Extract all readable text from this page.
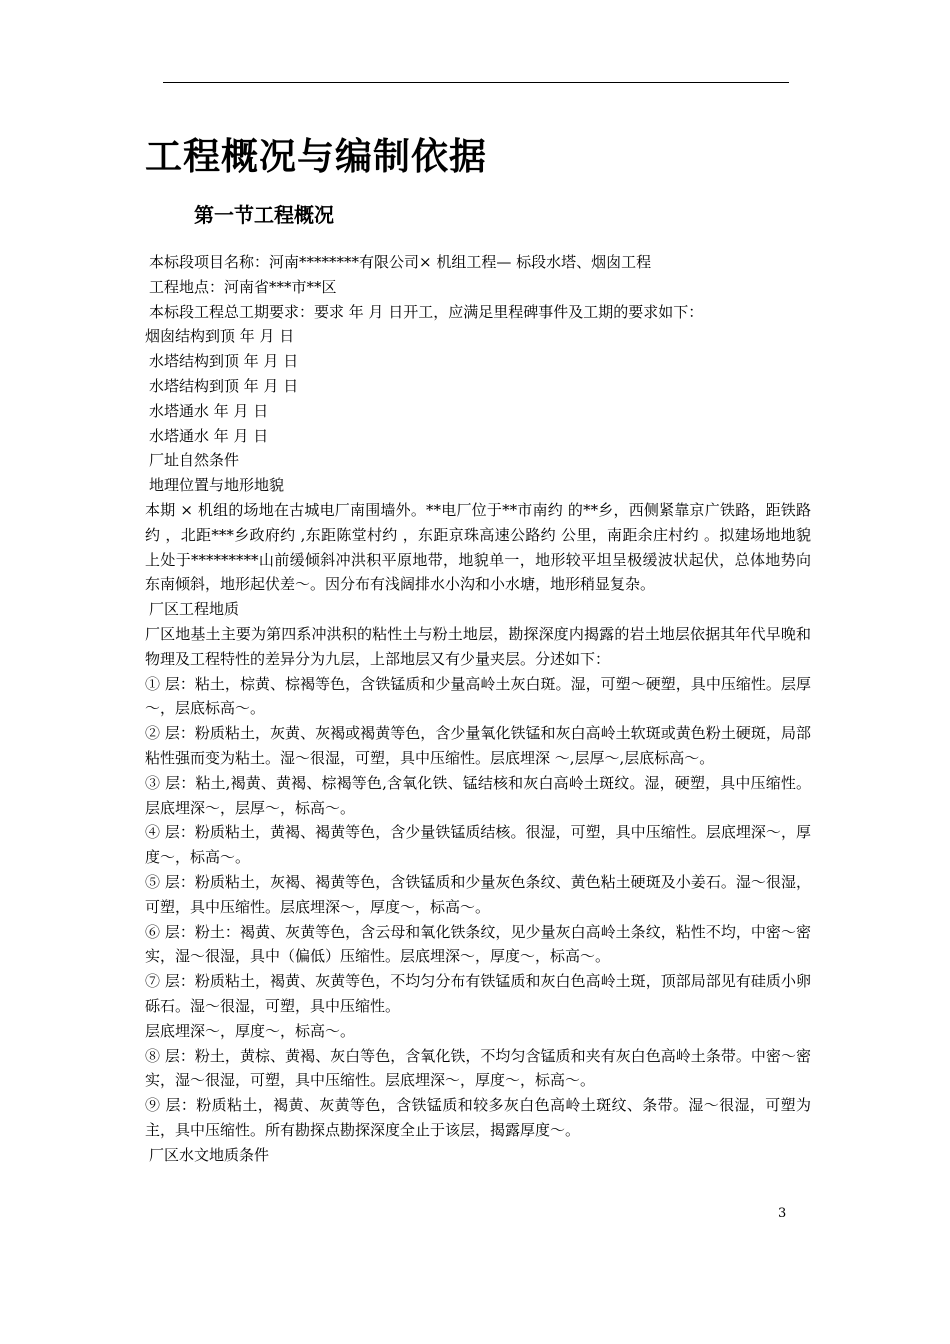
工程概况与编制依据
第一节工程概况

本标段项目名称：河南********有限公司× 机组工程— 标段水塔、烟囱工程

工程地点：河南省***市**区

本标段工程总工期要求：要求 年 月 日开工，应满足里程碑事件及工期的要求如下：

烟囱结构到顶 年 月 日

水塔结构到顶 年 月 日

水塔结构到顶 年 月 日

水塔通水 年 月 日

水塔通水 年 月 日

厂址自然条件

地理位置与地形地貌

本期 × 机组的场地在古城电厂南围墙外。**电厂位于**市南约 的**乡，西侧紧靠京广铁路，距铁路约 ，北距***乡政府约 ,东距陈堂村约 ，东距京珠高速公路约 公里，南距余庄村约 。拟建场地地貌上处于*********山前缓倾斜冲洪积平原地带，地貌单一，地形较平坦呈极缓波状起伏，总体地势向东南倾斜，地形起伏差～。因分布有浅阔排水小沟和小水塘，地形稍显复杂。

厂区工程地质

厂区地基土主要为第四系冲洪积的粘性土与粉土地层，勘探深度内揭露的岩土地层依据其年代早晚和物理及工程特性的差异分为九层，上部地层又有少量夹层。分述如下：

① 层：粘土，棕黄、棕褐等色，含铁锰质和少量高岭土灰白斑。湿，可塑～硬塑，具中压缩性。层厚～，层底标高～。

② 层：粉质粘土，灰黄、灰褐或褐黄等色，含少量氧化铁锰和灰白高岭土软斑或黄色粉土硬斑，局部粘性强而变为粘土。湿～很湿，可塑，具中压缩性。层底埋深 ～,层厚～,层底标高～。

③ 层：粘土,褐黄、黄褐、棕褐等色,含氧化铁、锰结核和灰白高岭土斑纹。湿，硬塑，具中压缩性。层底埋深～，层厚～，标高～。

④ 层：粉质粘土，黄褐、褐黄等色，含少量铁锰质结核。很湿，可塑，具中压缩性。层底埋深～，厚度～，标高～。

⑤ 层：粉质粘土，灰褐、褐黄等色，含铁锰质和少量灰色条纹、黄色粘土硬斑及小姜石。湿～很湿，可塑，具中压缩性。层底埋深～，厚度～，标高～。

⑥ 层：粉土：褐黄、灰黄等色，含云母和氧化铁条纹，见少量灰白高岭土条纹，粘性不均，中密～密实，湿～很湿，具中（偏低）压缩性。层底埋深～，厚度～，标高～。

⑦ 层：粉质粘土，褐黄、灰黄等色，不均匀分布有铁锰质和灰白色高岭土斑，顶部局部见有硅质小卵砾石。湿～很湿，可塑，具中压缩性。

层底埋深～，厚度～，标高～。

⑧ 层：粉土，黄棕、黄褐、灰白等色，含氧化铁，不均匀含锰质和夹有灰白色高岭土条带。中密～密实，湿～很湿，可塑，具中压缩性。层底埋深～，厚度～，标高～。

⑨ 层：粉质粘土，褐黄、灰黄等色，含铁锰质和较多灰白色高岭土斑纹、条带。湿～很湿，可塑为主，具中压缩性。所有勘探点勘探深度全止于该层，揭露厚度～。

厂区水文地质条件

3
